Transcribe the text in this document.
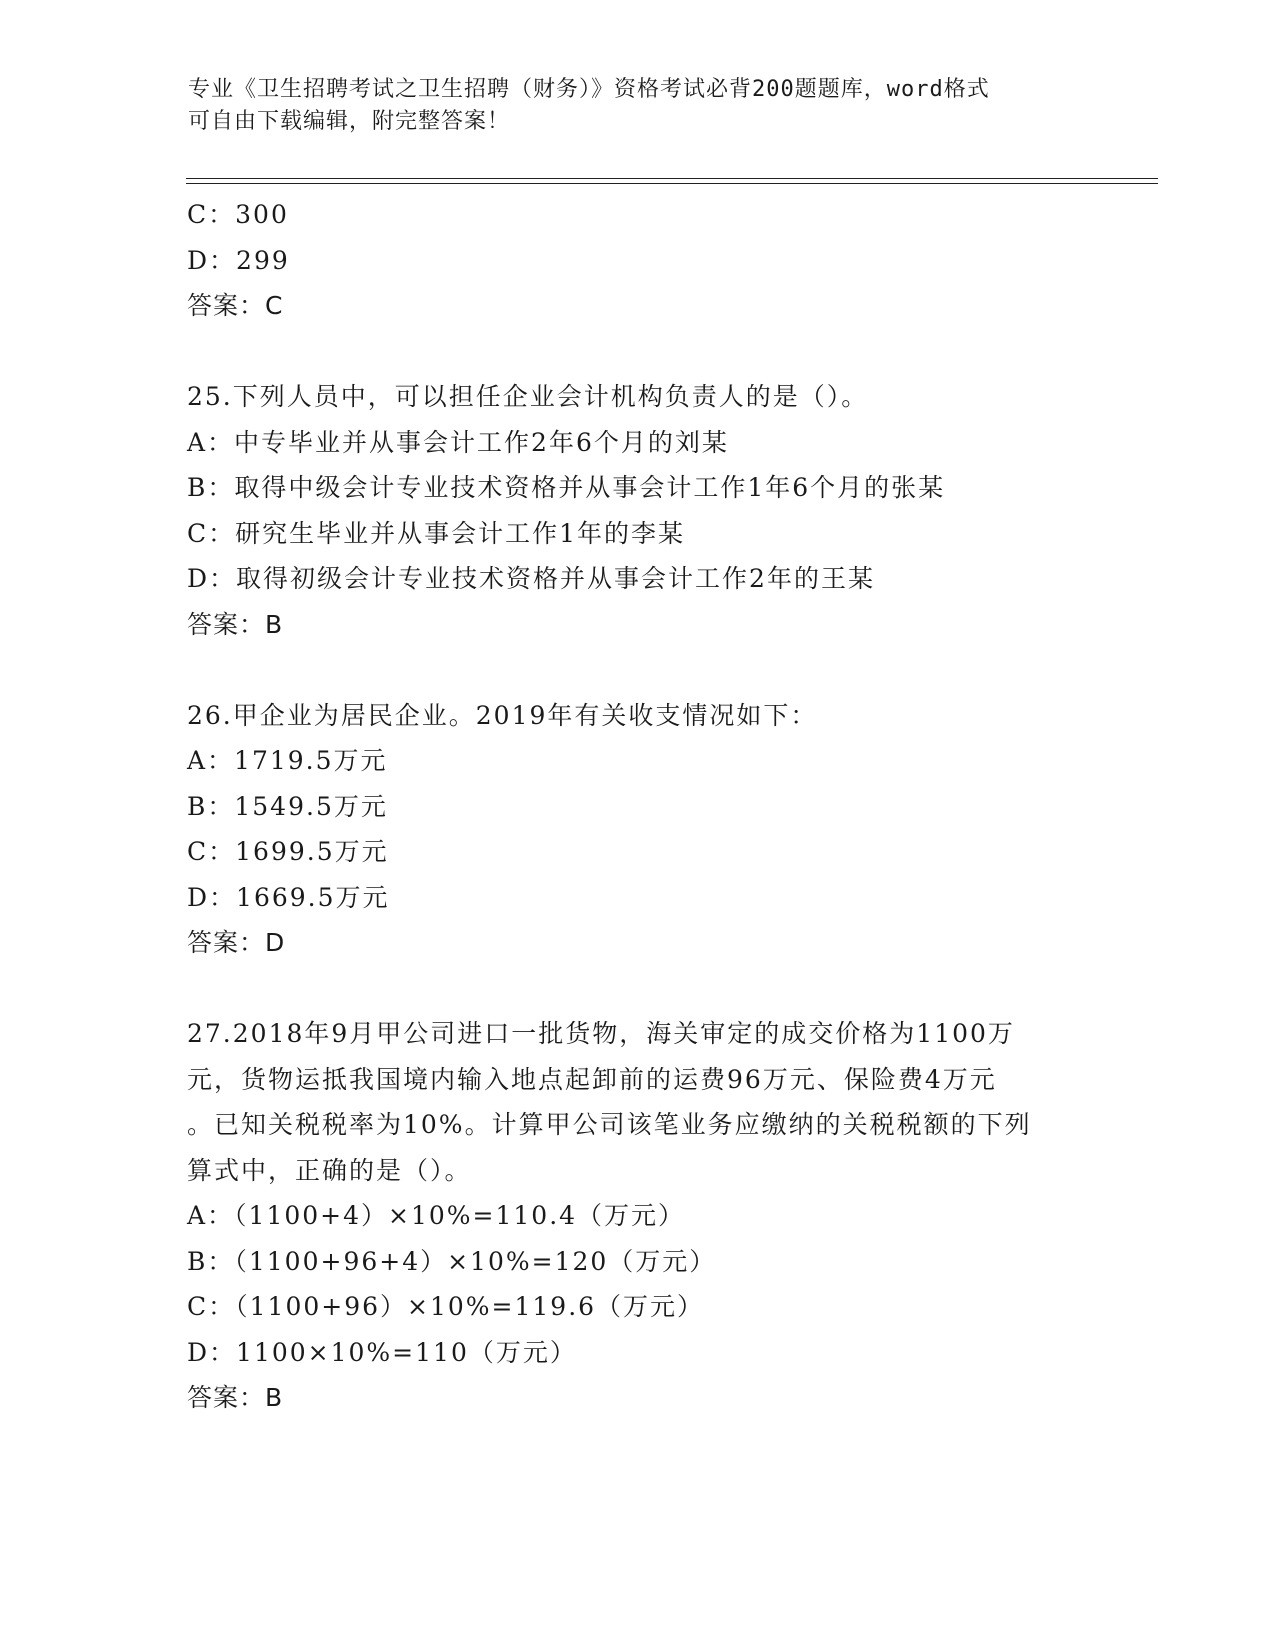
专业《卫生招聘考试之卫生招聘（财务）》资格考试必背200题题库，word格式
可自由下载编辑，附完整答案！
C：300
D：299
答案：C
25.下列人员中，可以担任企业会计机构负责人的是（）。
A：中专毕业并从事会计工作2年6个月的刘某
B：取得中级会计专业技术资格并从事会计工作1年6个月的张某
C：研究生毕业并从事会计工作1年的李某
D：取得初级会计专业技术资格并从事会计工作2年的王某
答案：B
26.甲企业为居民企业。2019年有关收支情况如下：
A：1719.5万元
B：1549.5万元
C：1699.5万元
D：1669.5万元
答案：D
27.2018年9月甲公司进口一批货物，海关审定的成交价格为1100万
元，货物运抵我国境内输入地点起卸前的运费96万元、保险费4万元
。已知关税税率为10%。计算甲公司该笔业务应缴纳的关税税额的下列
算式中，正确的是（）。
A：（1100+4）×10%=110.4（万元）
B：（1100+96+4）×10%=120（万元）
C：（1100+96）×10%=119.6（万元）
D：1100×10%=110（万元）
答案：B
